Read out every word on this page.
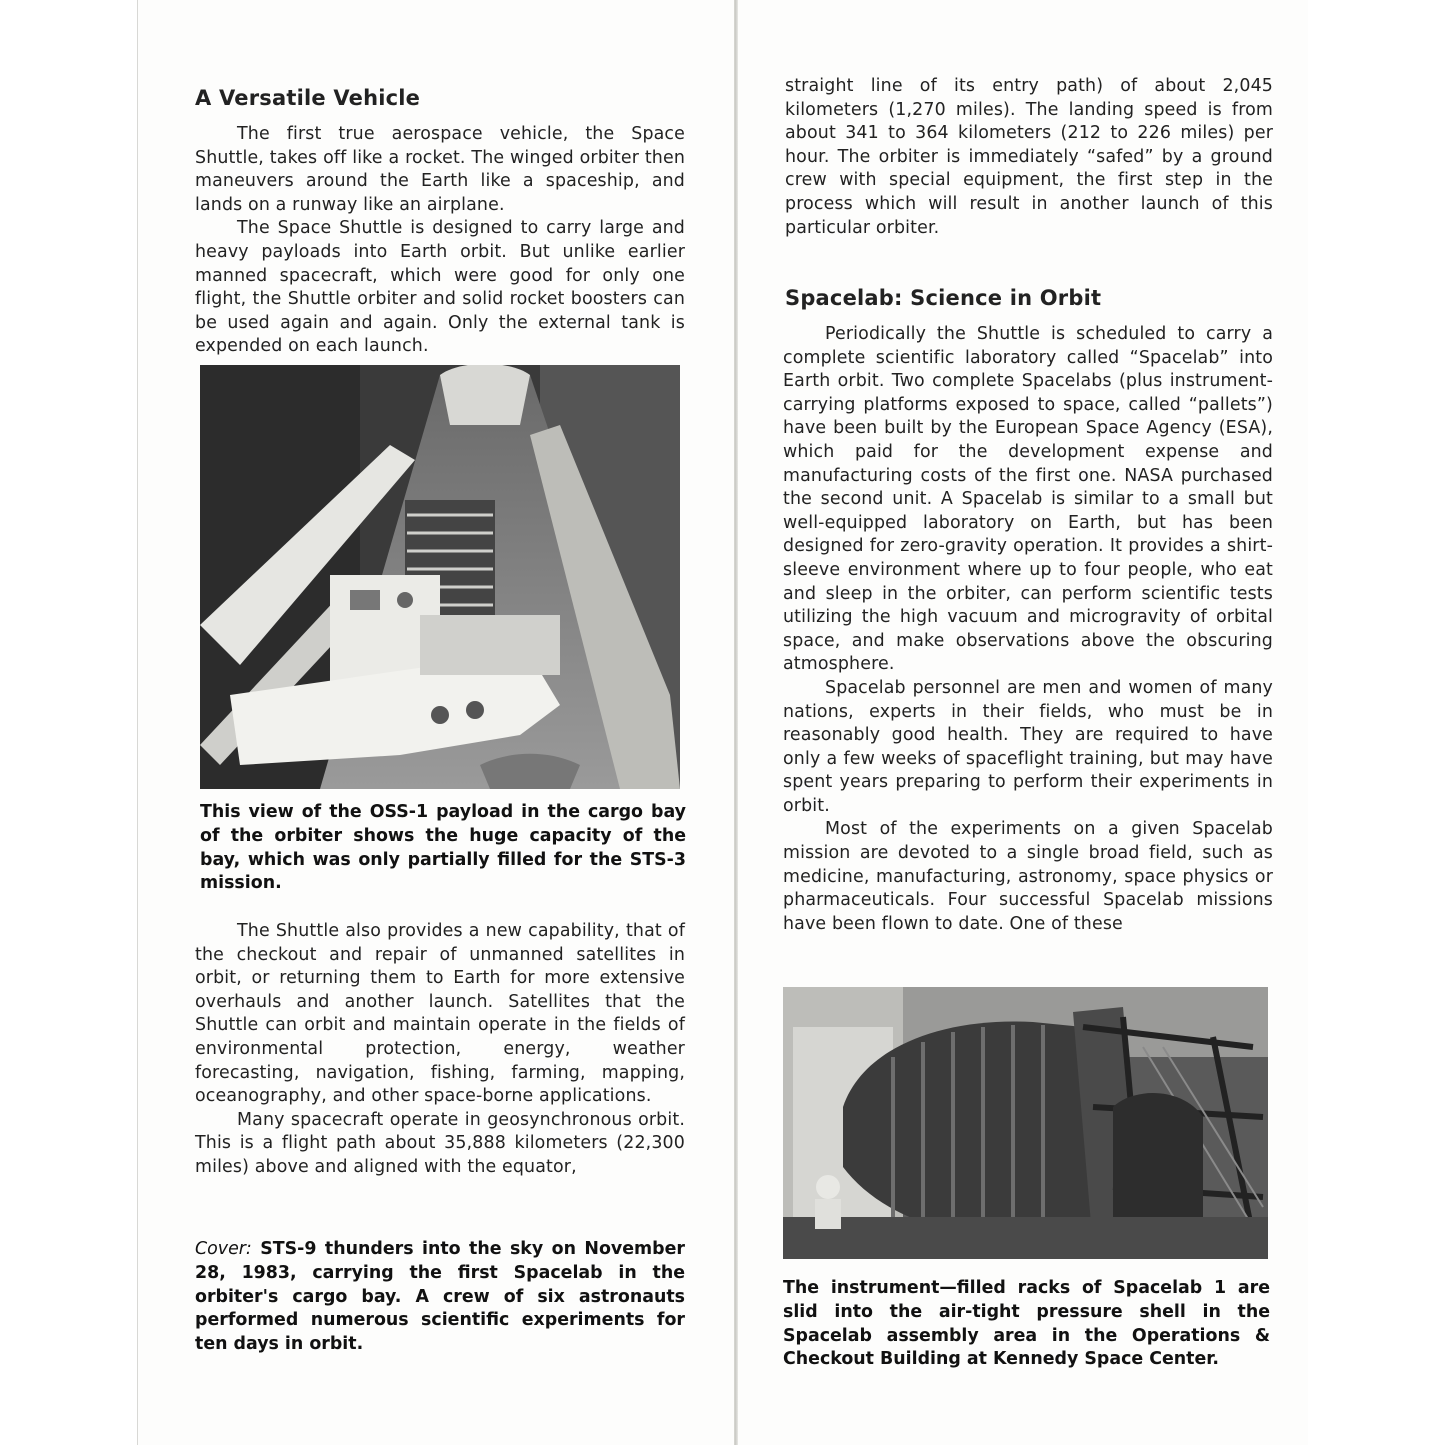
A Versatile Vehicle

The first true aerospace vehicle, the Space Shuttle, takes off like a rocket. The winged orbiter then maneuvers around the Earth like a spaceship, and lands on a runway like an airplane.

The Space Shuttle is designed to carry large and heavy payloads into Earth orbit. But unlike earlier manned spacecraft, which were good for only one flight, the Shuttle orbiter and solid rocket boosters can be used again and again. Only the external tank is expended on each launch.

This view of the OSS-1 payload in the cargo bay of the orbiter shows the huge capacity of the bay, which was only partially filled for the STS-3 mission.

The Shuttle also provides a new capability, that of the checkout and repair of unmanned satellites in orbit, or returning them to Earth for more extensive overhauls and another launch. Satellites that the Shuttle can orbit and maintain operate in the fields of environmental protection, energy, weather forecasting, navigation, fishing, farming, mapping, oceanography, and other space-borne applications.

Many spacecraft operate in geosynchronous orbit. This is a flight path about 35,888 kilometers (22,300 miles) above and aligned with the equator,

Cover: STS-9 thunders into the sky on November 28, 1983, carrying the first Spacelab in the orbiter's cargo bay. A crew of six astronauts performed numerous scientific experiments for ten days in orbit.

straight line of its entry path) of about 2,045 kilometers (1,270 miles). The landing speed is from about 341 to 364 kilometers (212 to 226 miles) per hour. The orbiter is immediately “safed” by a ground crew with special equipment, the first step in the process which will result in another launch of this particular orbiter.

Spacelab: Science in Orbit

Periodically the Shuttle is scheduled to carry a complete scientific laboratory called “Spacelab” into Earth orbit. Two complete Spacelabs (plus instrument-carrying platforms exposed to space, called “pallets”) have been built by the European Space Agency (ESA), which paid for the development expense and manufacturing costs of the first one. NASA purchased the second unit. A Spacelab is similar to a small but well-equipped laboratory on Earth, but has been designed for zero-gravity operation. It provides a shirt-sleeve environment where up to four people, who eat and sleep in the orbiter, can perform scientific tests utilizing the high vacuum and microgravity of orbital space, and make observations above the obscuring atmosphere.

Spacelab personnel are men and women of many nations, experts in their fields, who must be in reasonably good health. They are required to have only a few weeks of spaceflight training, but may have spent years preparing to perform their experiments in orbit.

Most of the experiments on a given Spacelab mission are devoted to a single broad field, such as medicine, manufacturing, astronomy, space physics or pharmaceuticals. Four successful Spacelab missions have been flown to date. One of these

The instrument—filled racks of Spacelab 1 are slid into the air-tight pressure shell in the Spacelab assembly area in the Operations & Checkout Building at Kennedy Space Center.
